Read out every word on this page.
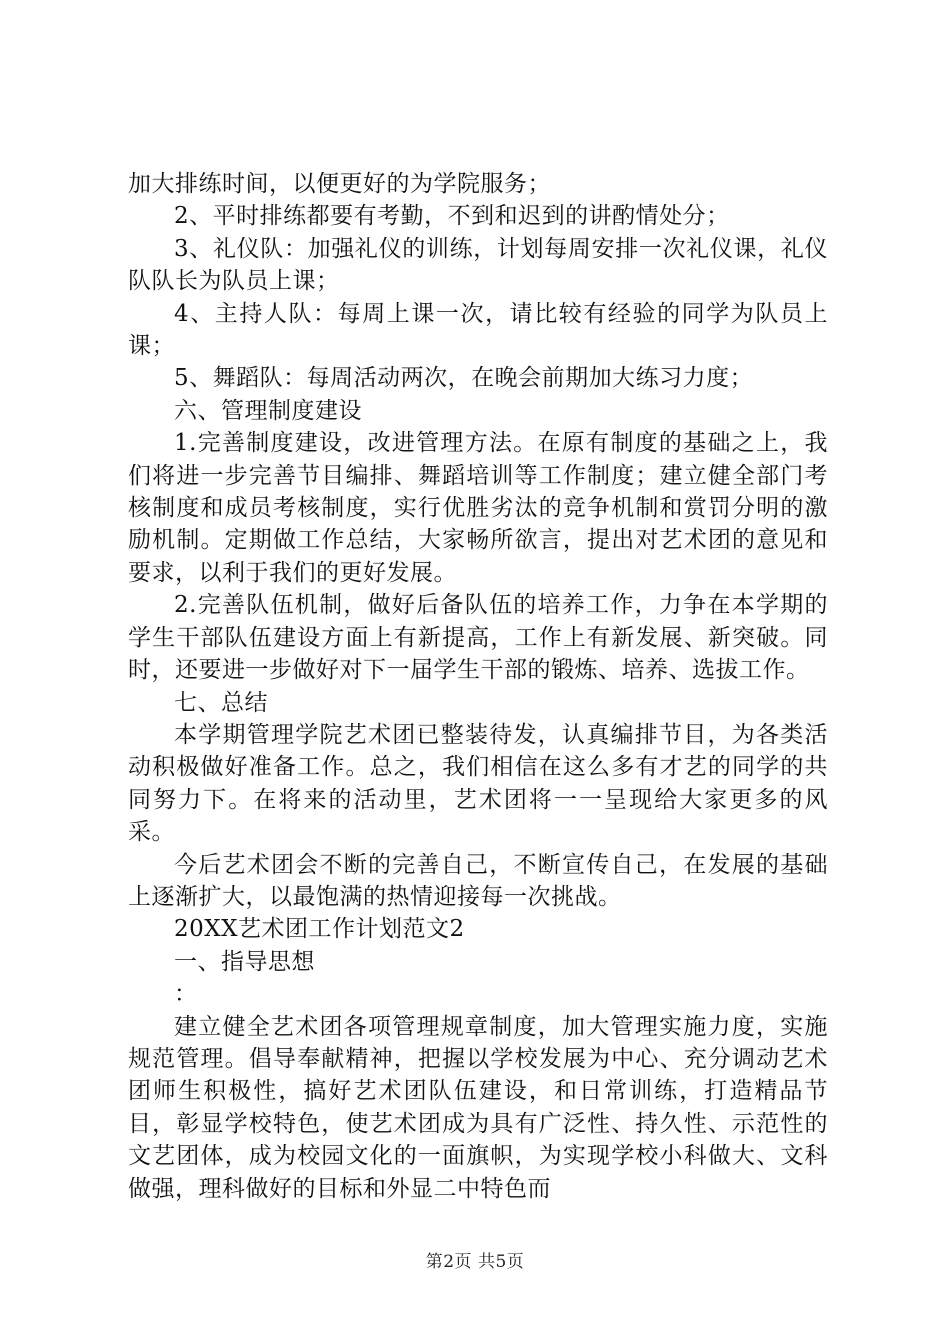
加大排练时间，以便更好的为学院服务；

2、平时排练都要有考勤，不到和迟到的讲酌情处分；

3、礼仪队：加强礼仪的训练，计划每周安排一次礼仪课，礼仪队队长为队员上课；

4、主持人队：每周上课一次，请比较有经验的同学为队员上课；

5、舞蹈队：每周活动两次，在晚会前期加大练习力度；

六、管理制度建设

1.完善制度建设，改进管理方法。在原有制度的基础之上，我们将进一步完善节目编排、舞蹈培训等工作制度；建立健全部门考核制度和成员考核制度，实行优胜劣汰的竞争机制和赏罚分明的激励机制。定期做工作总结，大家畅所欲言，提出对艺术团的意见和要求，以利于我们的更好发展。

2.完善队伍机制，做好后备队伍的培养工作，力争在本学期的学生干部队伍建设方面上有新提高，工作上有新发展、新突破。同时，还要进一步做好对下一届学生干部的锻炼、培养、选拔工作。

七、总结

本学期管理学院艺术团已整装待发，认真编排节目，为各类活动积极做好准备工作。总之，我们相信在这么多有才艺的同学的共同努力下。在将来的活动里，艺术团将一一呈现给大家更多的风采。

今后艺术团会不断的完善自己，不断宣传自己，在发展的基础上逐渐扩大，以最饱满的热情迎接每一次挑战。

20XX艺术团工作计划范文2

一、指导思想

：

建立健全艺术团各项管理规章制度，加大管理实施力度，实施规范管理。倡导奉献精神，把握以学校发展为中心、充分调动艺术团师生积极性，搞好艺术团队伍建设，和日常训练，打造精品节目，彰显学校特色，使艺术团成为具有广泛性、持久性、示范性的文艺团体，成为校园文化的一面旗帜，为实现学校小科做大、文科做强，理科做好的目标和外显二中特色而

第2页 共5页
